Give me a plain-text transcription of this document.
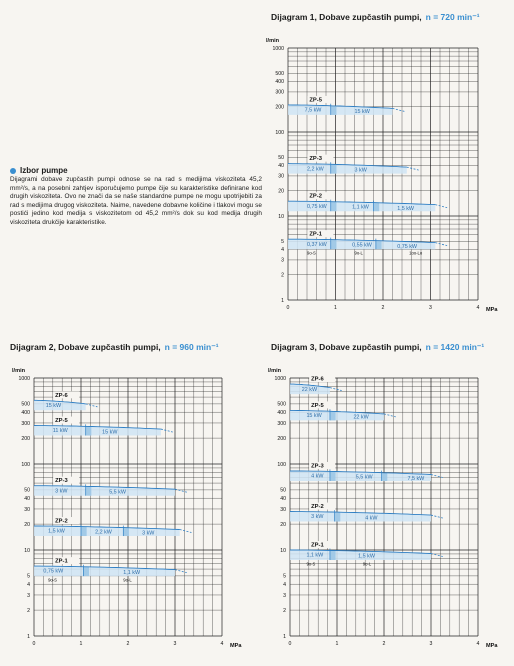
Izbor pumpe
Dijagrami dobave zupčastih pumpi odnose se na rad s medijima viskoziteta 45,2 mm²/s, a na posebni zahtjev isporučujemo pumpe čije su karakteristike definirane kod drugih viskoziteta. Ovo ne znači da se naše standardne pumpe ne mogu upotrijebiti za rad s medijima drugog viskoziteta. Naime, navedene dobavne količine i tlakovi mogu se postići jedino kod medija s viskozitetom od 45,2 mm²/s dok su kod medija drugih viskoziteta drukčije karakteristike.
Dijagram 1, Dobave zupčastih pumpi, n = 720 min⁻¹
l/min
MPa
1000
500
400
300
200
100
50
40
30
20
10
5
4
3
2
1
0	1	2	3	4
ZP-5
7,5 kW	15 kW
ZP-3
2,2 kW	3 kW
ZP-2
0,75 kW	1,1 kW	1,5 kW
ZP-1
0,37 kW	0,55 kW	0,75 kW
9o-S	9o-L	1oo-Lo
Dijagram 2, Dobave zupčastih pumpi, n = 960 min⁻¹
l/min
MPa
1000
500
400
300
200
100
50
40
30
20
10
5
4
3
2
1
0	1	2	3	4
ZP-6
15 kW
ZP-5
11 kW	15 kW
ZP-3
3 kW	5,5 kW
ZP-2
1,5 kW	2,2 kW	3 kW
ZP-1
0,75 kW	1,1 kW
9o-S	9o-L
Dijagram 3, Dobave zupčastih pumpi, n = 1420 min⁻¹
l/min
MPa
1000
500
400
300
200
100
50
40
30
20
10
5
4
3
2
1
0	1	2	3	4
ZP-6
22 kW
ZP-5
15 kW	22 kW
ZP-3
4 kW	5,5 kW	7,5 kW
ZP-2
3 kW	4 kW
ZP-1
1,1 kW	1,5 kW
9o-S	9o-L
